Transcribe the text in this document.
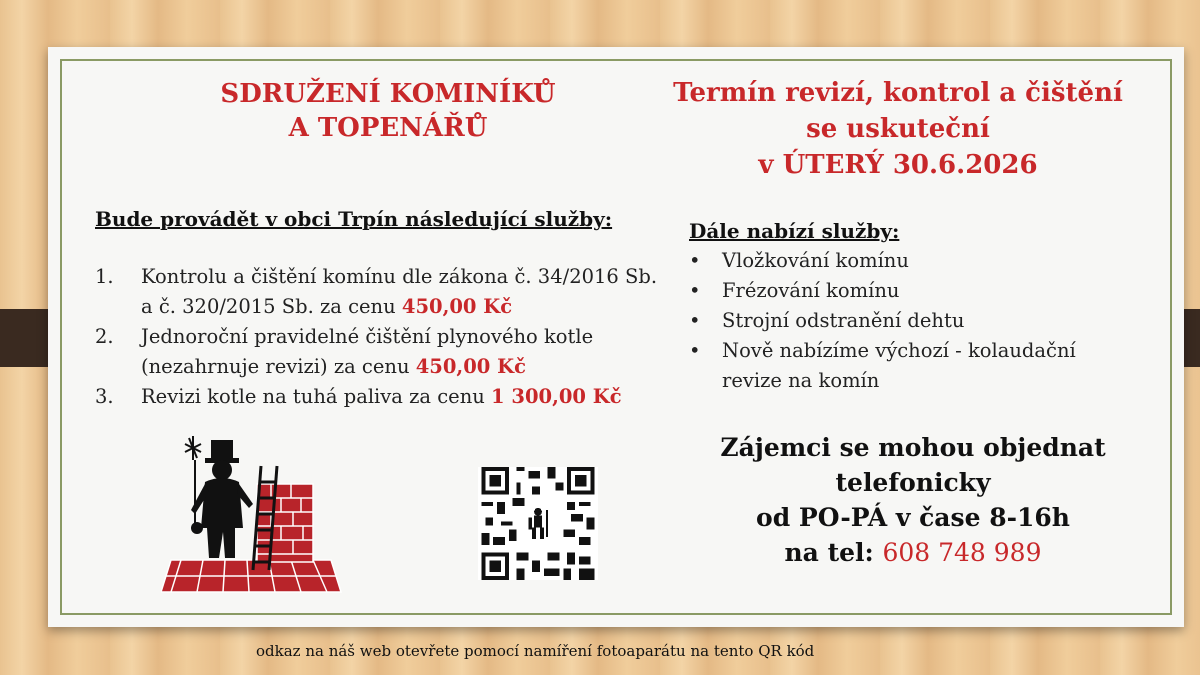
SDRUŽENÍ KOMINÍKŮ
A TOPENÁŘŮ
Termín revizí, kontrol a čištění
se uskuteční
v ÚTERÝ 30.6.2026
Bude provádět v obci Trpín následující služby:
1. Kontrolu a čištění komínu dle zákona č. 34/2016 Sb. a č. 320/2015 Sb. za cenu 450,00 Kč
2. Jednoroční pravidelné čištění plynového kotle (nezahrnuje revizi) za cenu 450,00 Kč
3. Revizi kotle na tuhá paliva za cenu 1 300,00 Kč
Dále nabízí služby:
• Vložkování komínu
• Frézování komínu
• Strojní odstranění dehtu
• Nově nabízíme výchozí - kolaudační revize na komín
Zájemci se mohou objednat
telefonicky
od PO-PÁ v čase 8-16h
na tel: 608 748 989
odkaz na náš web otevřete pomocí namíření fotoaparátu na tento QR kód
